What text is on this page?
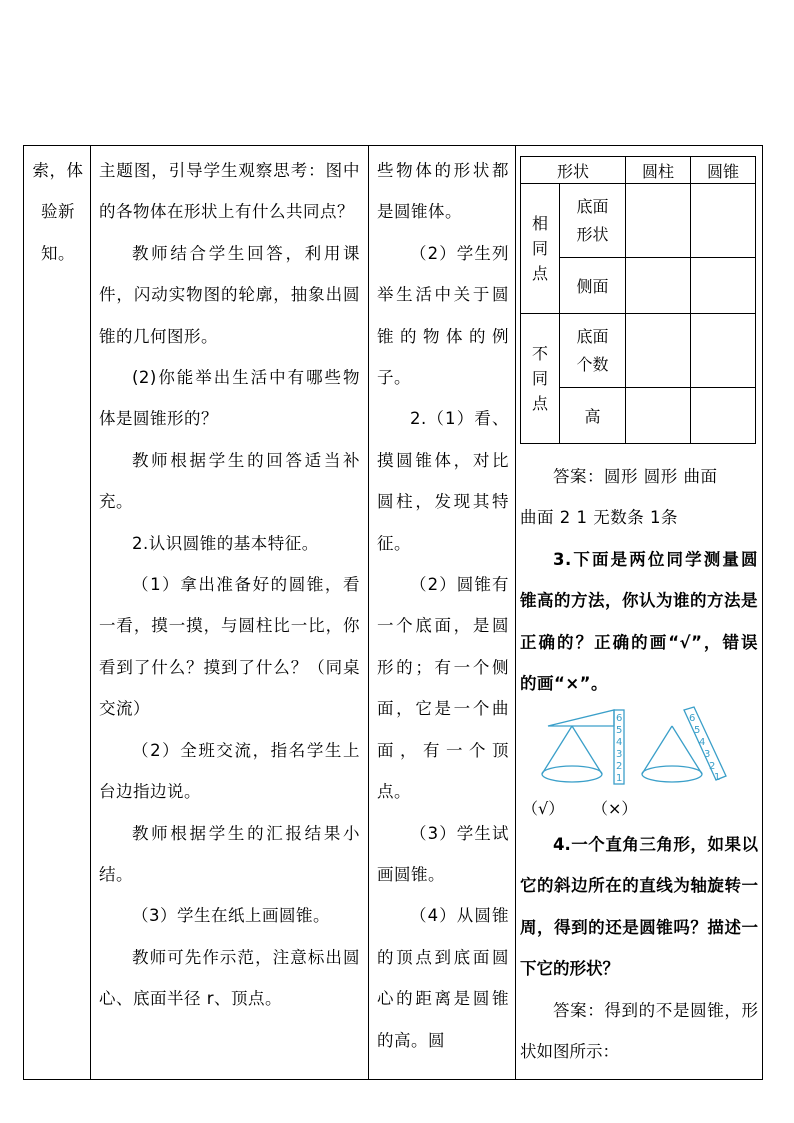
索，体验新知。

主题图，引导学生观察思考：图中的各物体在形状上有什么共同点？

教师结合学生回答，利用课件，闪动实物图的轮廓，抽象出圆锥的几何图形。

(2)你能举出生活中有哪些物体是圆锥形的？

教师根据学生的回答适当补充。

2.认识圆锥的基本特征。

（1）拿出准备好的圆锥，看一看，摸一摸，与圆柱比一比，你看到了什么？摸到了什么？（同桌交流）

（2）全班交流，指名学生上台边指边说。

教师根据学生的汇报结果小结。

（3）学生在纸上画圆锥。

教师可先作示范，注意标出圆心、底面半径 r、顶点。

些物体的形状都是圆锥体。

（2）学生列举生活中关于圆锥的物体的例子。

2.（1）看、摸圆锥体，对比圆柱，发现其特征。

（2）圆锥有一个底面，是圆形的；有一个侧面，它是一个曲面，有一个顶点。

（3）学生试画圆锥。

（4）从圆锥的顶点到底面圆心的距离是圆锥的高。圆

形状		圆柱	圆锥
相同点	底面形状		
	侧面		
不同点	底面个数		
	高		

答案：圆形 圆形 曲面

曲面 2 1 无数条 1条

3.下面是两位同学测量圆锥高的方法，你认为谁的方法是正确的？正确的画“√”，错误的画“×”。

6
5
4
3
2
1
6
5
4
3
2
1
（√） （×）

4.一个直角三角形，如果以它的斜边所在的直线为轴旋转一周，得到的还是圆锥吗？描述一下它的形状？

答案：得到的不是圆锥，形状如图所示：
